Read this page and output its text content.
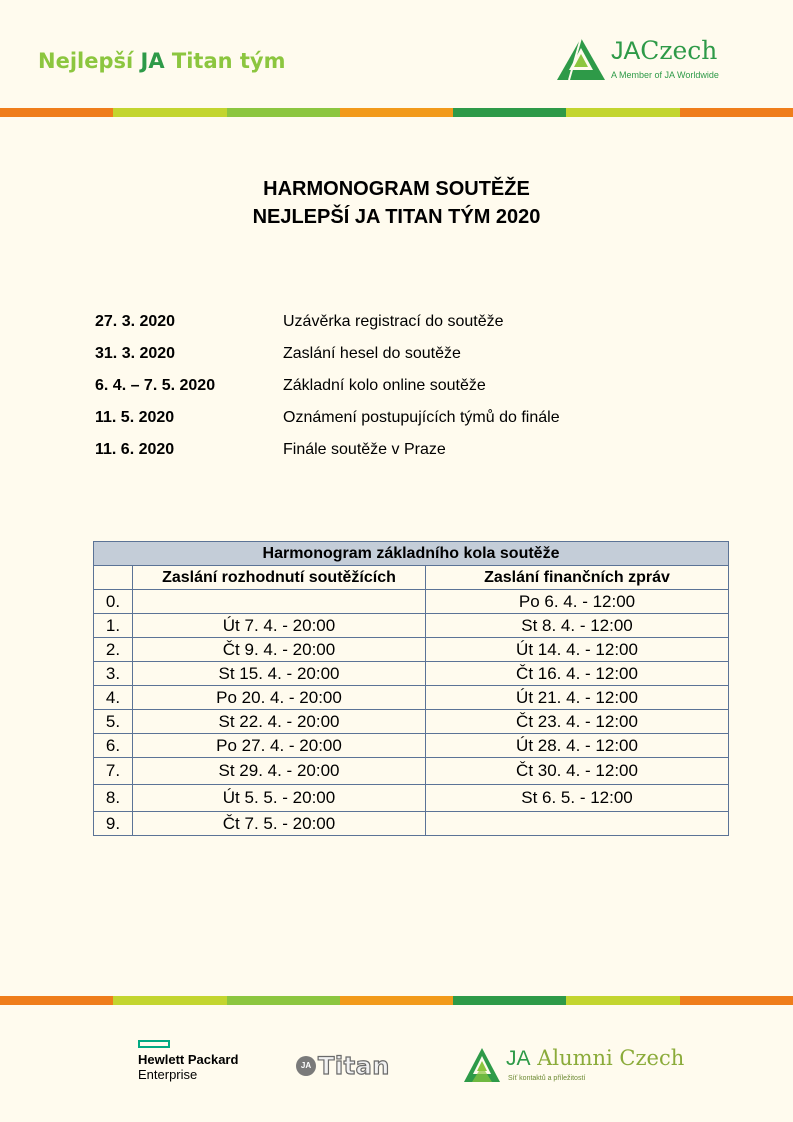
Nejlepší JA Titan tým	JACzech
A Member of JA Worldwide
HARMONOGRAM SOUTĚŽE
NEJLEPŠÍ JA TITAN TÝM 2020
27. 3. 2020	Uzávěrka registrací do soutěže
31. 3. 2020	Zaslání hesel do soutěže
6. 4. – 7. 5. 2020	Základní kolo online soutěže
11. 5. 2020	Oznámení postupujících týmů do finále
11. 6. 2020	Finále soutěže v Praze
Harmonogram základního kola soutěže		
	Zaslání rozhodnutí soutěžících	Zaslání finančních zpráv
0.		Po 6. 4. - 12:00
1.	Út 7. 4. - 20:00	St 8. 4. - 12:00
2.	Čt 9. 4. - 20:00	Út 14. 4. - 12:00
3.	St 15. 4. - 20:00	Čt 16. 4. - 12:00
4.	Po 20. 4. - 20:00	Út 21. 4. - 12:00
5.	St 22. 4. - 20:00	Čt 23. 4. - 12:00
6.	Po 27. 4. - 20:00	Út 28. 4. - 12:00
7.	St 29. 4. - 20:00	Čt 30. 4. - 12:00
8.	Út 5. 5. - 20:00	St 6. 5. - 12:00
9.	Čt 7. 5. - 20:00	
Hewlett Packard
Enterprise
JA Titan	JA Alumni Czech
Síť kontaktů a příležitostí
